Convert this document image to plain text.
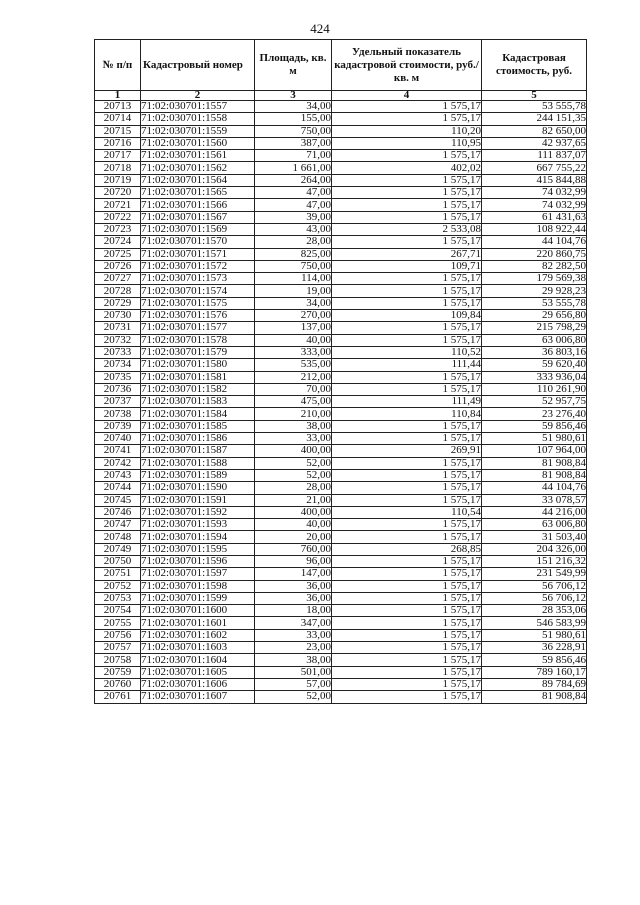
424
№ п/п	Кадастровый номер	Площадь, кв. м	Удельный показатель кадастровой стоимости, руб./кв. м	Кадастровая стоимость, руб.
1	2	3	4	5
20713	71:02:030701:1557	34,00	1 575,17	53 555,78
20714	71:02:030701:1558	155,00	1 575,17	244 151,35
20715	71:02:030701:1559	750,00	110,20	82 650,00
20716	71:02:030701:1560	387,00	110,95	42 937,65
20717	71:02:030701:1561	71,00	1 575,17	111 837,07
20718	71:02:030701:1562	1 661,00	402,02	667 755,22
20719	71:02:030701:1564	264,00	1 575,17	415 844,88
20720	71:02:030701:1565	47,00	1 575,17	74 032,99
20721	71:02:030701:1566	47,00	1 575,17	74 032,99
20722	71:02:030701:1567	39,00	1 575,17	61 431,63
20723	71:02:030701:1569	43,00	2 533,08	108 922,44
20724	71:02:030701:1570	28,00	1 575,17	44 104,76
20725	71:02:030701:1571	825,00	267,71	220 860,75
20726	71:02:030701:1572	750,00	109,71	82 282,50
20727	71:02:030701:1573	114,00	1 575,17	179 569,38
20728	71:02:030701:1574	19,00	1 575,17	29 928,23
20729	71:02:030701:1575	34,00	1 575,17	53 555,78
20730	71:02:030701:1576	270,00	109,84	29 656,80
20731	71:02:030701:1577	137,00	1 575,17	215 798,29
20732	71:02:030701:1578	40,00	1 575,17	63 006,80
20733	71:02:030701:1579	333,00	110,52	36 803,16
20734	71:02:030701:1580	535,00	111,44	59 620,40
20735	71:02:030701:1581	212,00	1 575,17	333 936,04
20736	71:02:030701:1582	70,00	1 575,17	110 261,90
20737	71:02:030701:1583	475,00	111,49	52 957,75
20738	71:02:030701:1584	210,00	110,84	23 276,40
20739	71:02:030701:1585	38,00	1 575,17	59 856,46
20740	71:02:030701:1586	33,00	1 575,17	51 980,61
20741	71:02:030701:1587	400,00	269,91	107 964,00
20742	71:02:030701:1588	52,00	1 575,17	81 908,84
20743	71:02:030701:1589	52,00	1 575,17	81 908,84
20744	71:02:030701:1590	28,00	1 575,17	44 104,76
20745	71:02:030701:1591	21,00	1 575,17	33 078,57
20746	71:02:030701:1592	400,00	110,54	44 216,00
20747	71:02:030701:1593	40,00	1 575,17	63 006,80
20748	71:02:030701:1594	20,00	1 575,17	31 503,40
20749	71:02:030701:1595	760,00	268,85	204 326,00
20750	71:02:030701:1596	96,00	1 575,17	151 216,32
20751	71:02:030701:1597	147,00	1 575,17	231 549,99
20752	71:02:030701:1598	36,00	1 575,17	56 706,12
20753	71:02:030701:1599	36,00	1 575,17	56 706,12
20754	71:02:030701:1600	18,00	1 575,17	28 353,06
20755	71:02:030701:1601	347,00	1 575,17	546 583,99
20756	71:02:030701:1602	33,00	1 575,17	51 980,61
20757	71:02:030701:1603	23,00	1 575,17	36 228,91
20758	71:02:030701:1604	38,00	1 575,17	59 856,46
20759	71:02:030701:1605	501,00	1 575,17	789 160,17
20760	71:02:030701:1606	57,00	1 575,17	89 784,69
20761	71:02:030701:1607	52,00	1 575,17	81 908,84
